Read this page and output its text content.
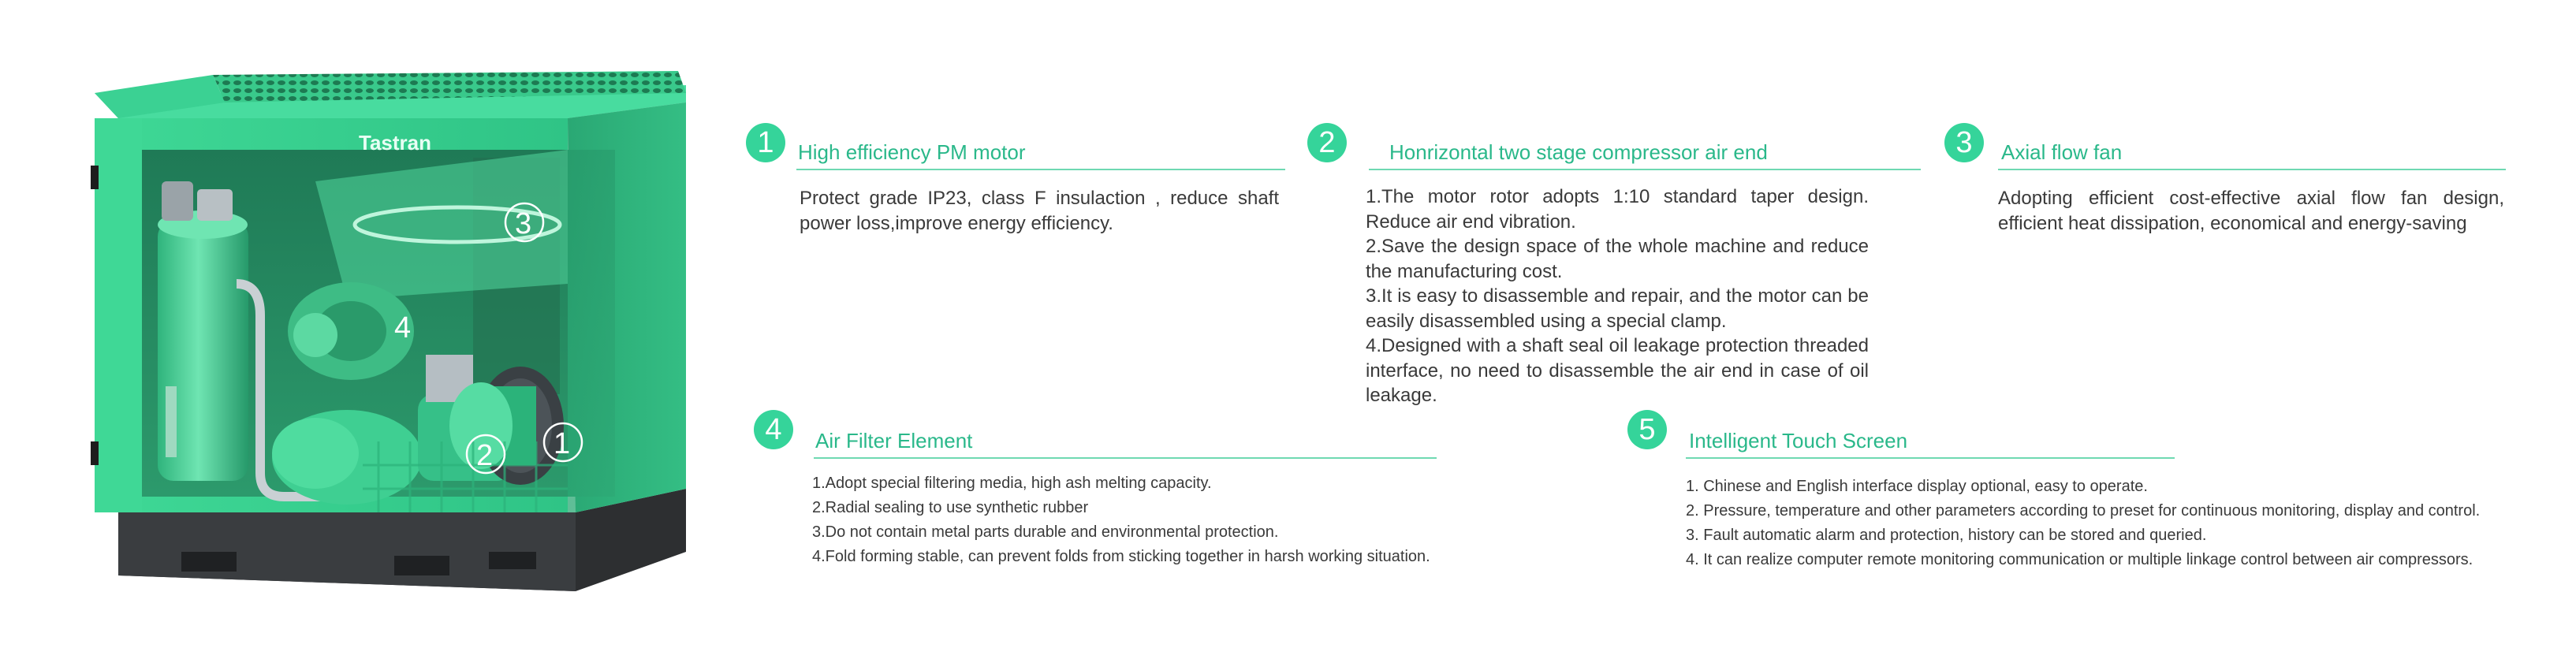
Tastran
3
4
2 1
1	High efficiency PM motor
Protect grade IP23, class F insulaction , reduce shaft power loss,improve energy efficiency.
2	Honrizontal two stage compressor air end
1.The motor rotor adopts 1:10 standard taper design. Reduce air end vibration.
2.Save the design space of the whole machine and reduce the manufacturing cost.
3.It is easy to disassemble and repair, and the motor can be easily disassembled using a special clamp.
4.Designed with a shaft seal oil leakage protection threaded interface, no need to disassemble the air end in case of oil leakage.
3	Axial flow fan
Adopting efficient cost-effective axial flow fan design, efficient heat dissipation, economical and energy-saving
4	Air Filter Element
1.Adopt special filtering media, high ash melting capacity.
2.Radial sealing to use synthetic rubber
3.Do not contain metal parts durable and environmental protection.
4.Fold forming stable, can prevent folds from sticking together in harsh working situation.
5	Intelligent Touch Screen
1. Chinese and English interface display optional, easy to operate.
2. Pressure, temperature and other parameters according to preset for continuous monitoring, display and control.
3. Fault automatic alarm and protection, history can be stored and queried.
4. It can realize computer remote monitoring communication or multiple linkage control between air compressors.
